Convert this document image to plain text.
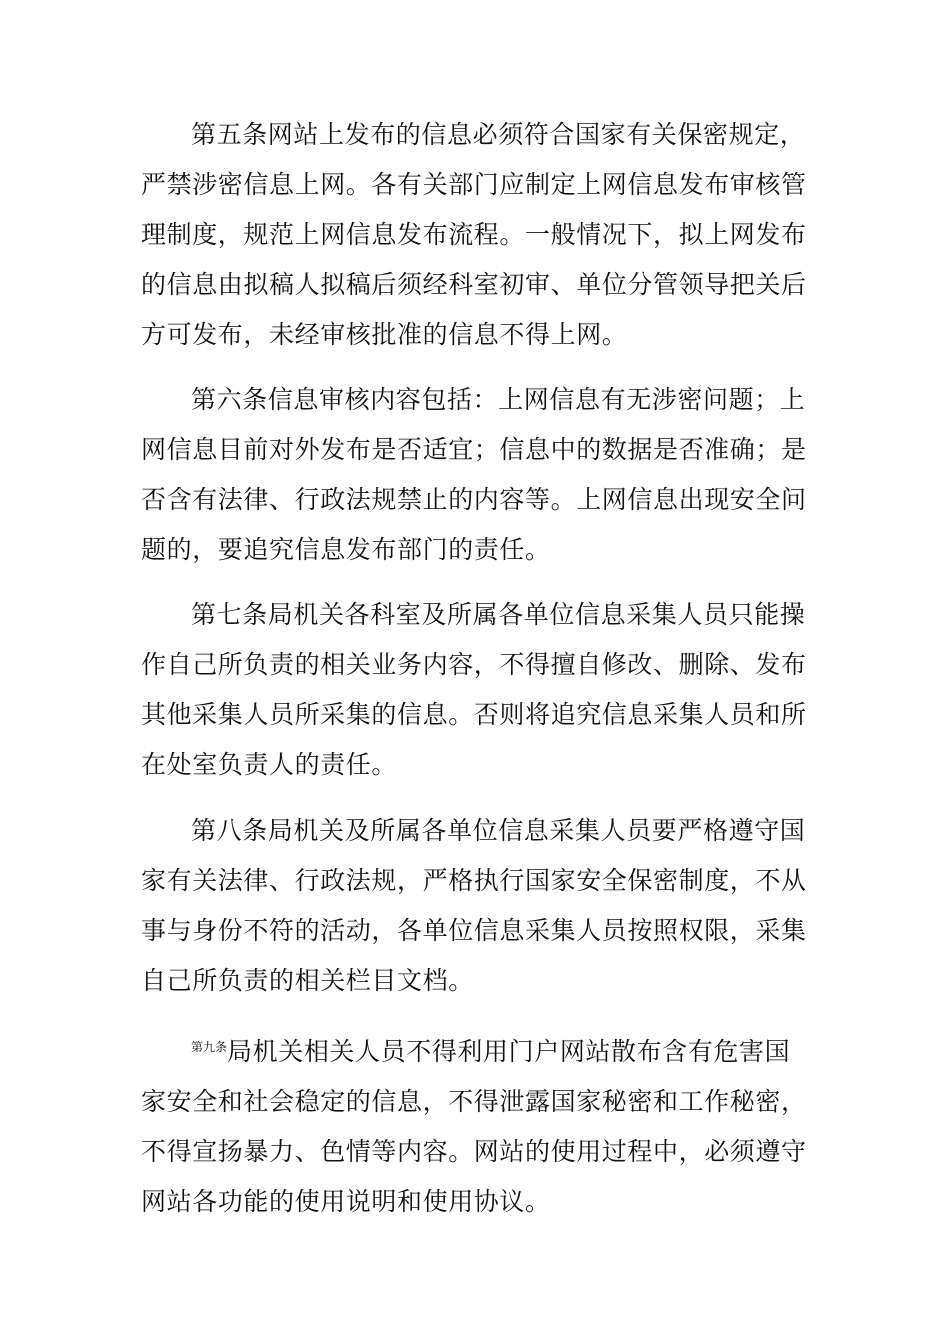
第五条网站上发布的信息必须符合国家有关保密规定，严禁涉密信息上网。各有关部门应制定上网信息发布审核管理制度，规范上网信息发布流程。一般情况下，拟上网发布的信息由拟稿人拟稿后须经科室初审、单位分管领导把关后方可发布，未经审核批准的信息不得上网。

第六条信息审核内容包括：上网信息有无涉密问题；上网信息目前对外发布是否适宜；信息中的数据是否准确；是否含有法律、行政法规禁止的内容等。上网信息出现安全问题的，要追究信息发布部门的责任。

第七条局机关各科室及所属各单位信息采集人员只能操作自己所负责的相关业务内容，不得擅自修改、删除、发布其他采集人员所采集的信息。否则将追究信息采集人员和所在处室负责人的责任。

第八条局机关及所属各单位信息采集人员要严格遵守国家有关法律、行政法规，严格执行国家安全保密制度，不从事与身份不符的活动，各单位信息采集人员按照权限，采集自己所负责的相关栏目文档。

$^{第九条}$局机关相关人员不得利用门户网站散布含有危害国家安全和社会稳定的信息，不得泄露国家秘密和工作秘密，不得宣扬暴力、色情等内容。网站的使用过程中，必须遵守网站各功能的使用说明和使用协议。
